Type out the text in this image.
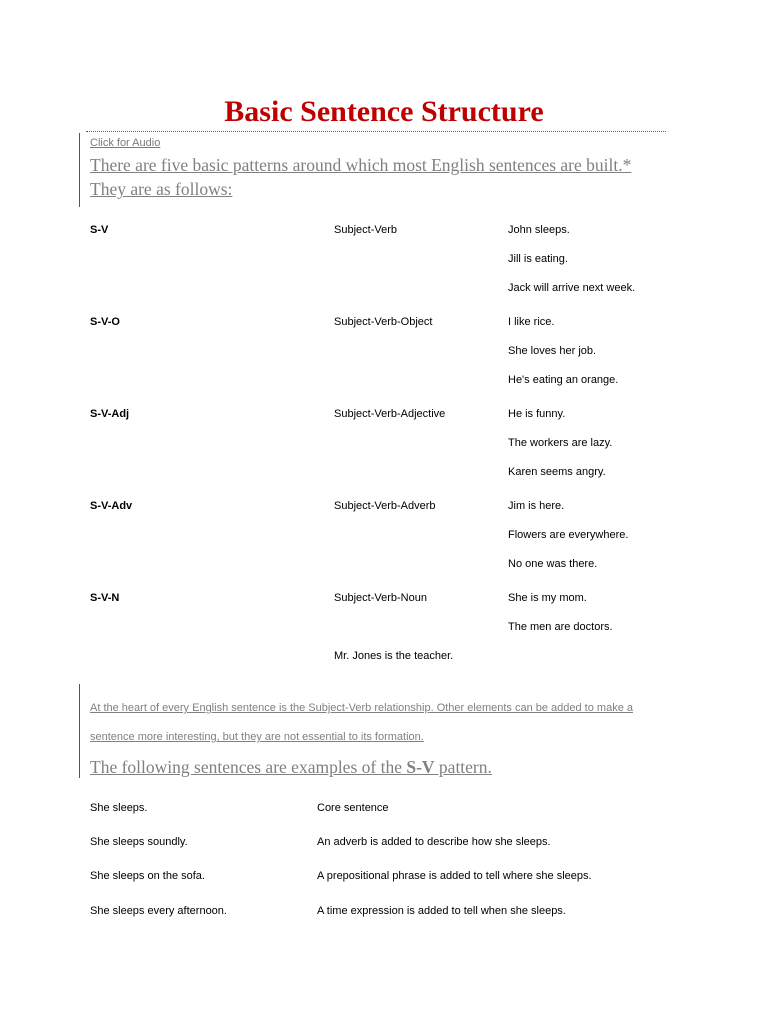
Basic Sentence Structure
Click for Audio
There are five basic patterns around which most English sentences are built.* They are as follows:
S-V	Subject-Verb	John sleeps.
Jill is eating.
Jack will arrive next week.
S-V-O	Subject-Verb-Object	I like rice.
She loves her job.
He's eating an orange.
S-V-Adj	Subject-Verb-Adjective	He is funny.
The workers are lazy.
Karen seems angry.
S-V-Adv	Subject-Verb-Adverb	Jim is here.
Flowers are everywhere.
No one was there.
S-V-N	Subject-Verb-Noun	She is my mom.
The men are doctors.
Mr. Jones is the teacher.
At the heart of every English sentence is the Subject-Verb relationship. Other elements can be added to make a
sentence more interesting, but they are not essential to its formation.
The following sentences are examples of the S-V pattern.
She sleeps.	Core sentence
She sleeps soundly.	An adverb is added to describe how she sleeps.
She sleeps on the sofa.	A prepositional phrase is added to tell where she sleeps.
She sleeps every afternoon.	A time expression is added to tell when she sleeps.
